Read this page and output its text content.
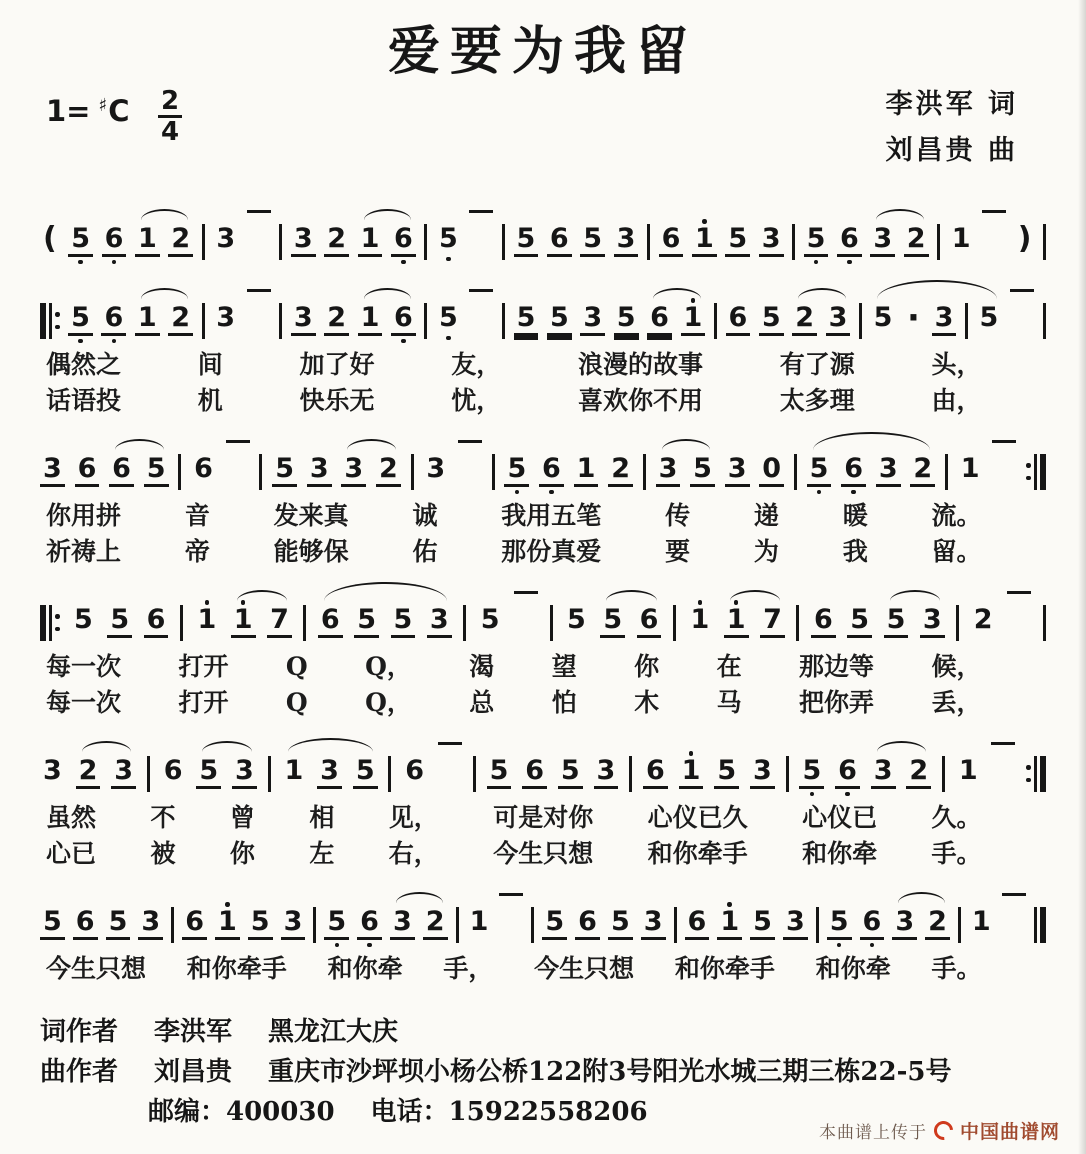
爱要为我留
1= ♯C $\frac{2}{4}$	李洪军 词
刘昌贵 曲
( 5 6 1 2 3 3 2 1 6 5 5 6 5 3 6 1 5 3 5 6 3 2 1 )
5 6 1 2 3 3 2 1 6 5 5 5 3 5 6 1 6 5 2 3 5 · 3 5
偶然之	间	加了好	友，	浪漫的故事	有了源	头，
话语投	机	快乐无	忧，	喜欢你不用	太多理	由，
3 6 6 5 6 5 3 3 2 3 5 6 1 2 3 5 3 0 5 6 3 2 1
你用拼	音	发来真	诚	我用五笔	传	递	暖	流。
祈祷上	帝	能够保	佑	那份真爱	要	为	我	留。
5 5 6 1 1 7 6 5 5 3 5	5 5 6 1 1 7 6 5 5 3 2
每一次 打开 Q Q， 渴 望 你 在 那边等 候，
每一次 打开 Q Q， 总 怕 木 马 把你弄 丢，
3 2 3 6 5 3 1 3 5 6 5 6 5 3 6 1 5 3 5 6 3 2 1
虽然 不 曾 相 见， 可是对你 心仪已久 心仪已 久。
心已 被 你 左 右， 今生只想 和你牵手 和你牵 手。
5 6 5 3 6 1 5 3 5 6 3 2 1 5 6 5 3 6 1 5 3 5 6 3 2 1
今生只想 和你牵手 和你牵 手， 今生只想 和你牵手 和你牵 手。
词作者 李洪军 黑龙江大庆
曲作者 刘昌贵 重庆市沙坪坝小杨公桥122附3号阳光水城三期三栋22-5号
邮编：400030 电话：15922558206
本曲谱上传于 中国曲谱网
